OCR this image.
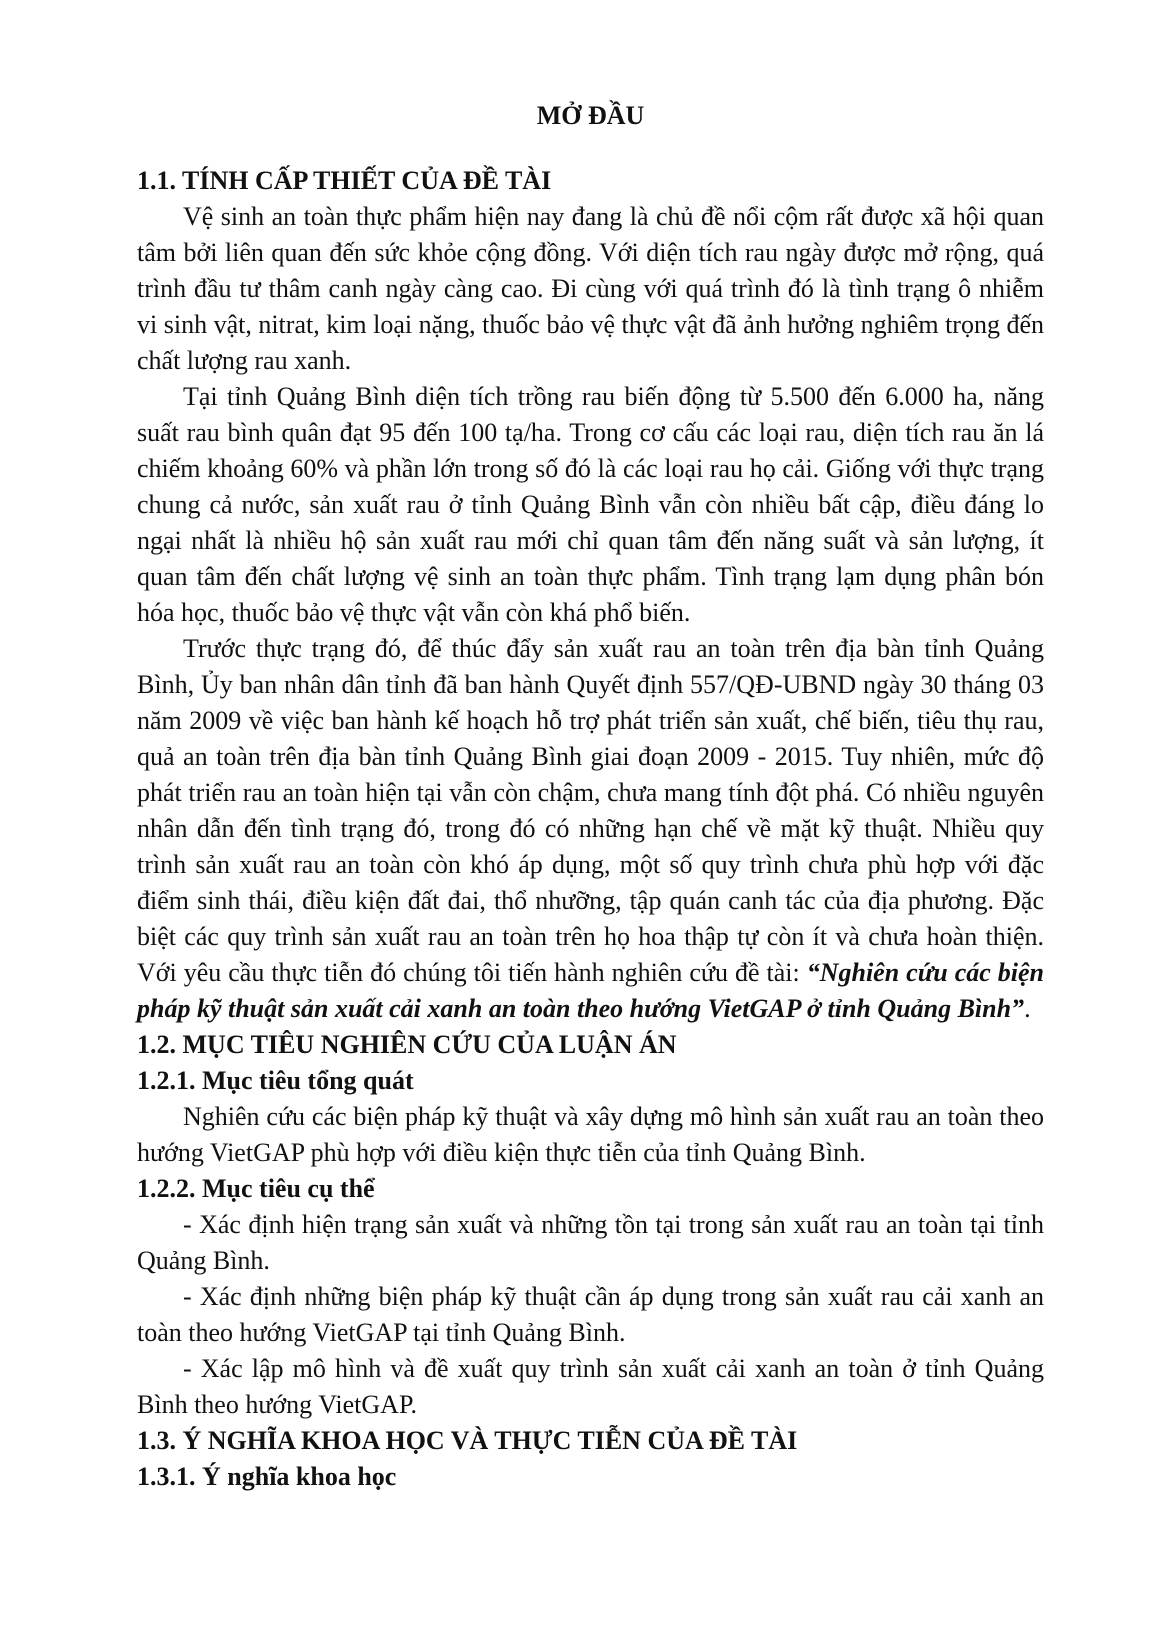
MỞ ĐẦU
1.1. TÍNH CẤP THIẾT CỦA ĐỀ TÀI

Vệ sinh an toàn thực phẩm hiện nay đang là chủ đề nổi cộm rất được xã hội quan tâm bởi liên quan đến sức khỏe cộng đồng. Với diện tích rau ngày được mở rộng, quá trình đầu tư thâm canh ngày càng cao. Đi cùng với quá trình đó là tình trạng ô nhiễm vi sinh vật, nitrat, kim loại nặng, thuốc bảo vệ thực vật đã ảnh hưởng nghiêm trọng đến chất lượng rau xanh.

Tại tỉnh Quảng Bình diện tích trồng rau biến động từ 5.500 đến 6.000 ha, năng suất rau bình quân đạt 95 đến 100 tạ/ha. Trong cơ cấu các loại rau, diện tích rau ăn lá chiếm khoảng 60% và phần lớn trong số đó là các loại rau họ cải. Giống với thực trạng chung cả nước, sản xuất rau ở tỉnh Quảng Bình vẫn còn nhiều bất cập, điều đáng lo ngại nhất là nhiều hộ sản xuất rau mới chỉ quan tâm đến năng suất và sản lượng, ít quan tâm đến chất lượng vệ sinh an toàn thực phẩm. Tình trạng lạm dụng phân bón hóa học, thuốc bảo vệ thực vật vẫn còn khá phổ biến.

Trước thực trạng đó, để thúc đẩy sản xuất rau an toàn trên địa bàn tỉnh Quảng Bình, Ủy ban nhân dân tỉnh đã ban hành Quyết định 557/QĐ-UBND ngày 30 tháng 03 năm 2009 về việc ban hành kế hoạch hỗ trợ phát triển sản xuất, chế biến, tiêu thụ rau, quả an toàn trên địa bàn tỉnh Quảng Bình giai đoạn 2009 - 2015. Tuy nhiên, mức độ phát triển rau an toàn hiện tại vẫn còn chậm, chưa mang tính đột phá. Có nhiều nguyên nhân dẫn đến tình trạng đó, trong đó có những hạn chế về mặt kỹ thuật. Nhiều quy trình sản xuất rau an toàn còn khó áp dụng, một số quy trình chưa phù hợp với đặc điểm sinh thái, điều kiện đất đai, thổ nhưỡng, tập quán canh tác của địa phương. Đặc biệt các quy trình sản xuất rau an toàn trên họ hoa thập tự còn ít và chưa hoàn thiện. Với yêu cầu thực tiễn đó chúng tôi tiến hành nghiên cứu đề tài: “Nghiên cứu các biện pháp kỹ thuật sản xuất cải xanh an toàn theo hướng VietGAP ở tỉnh Quảng Bình”.

1.2. MỤC TIÊU NGHIÊN CỨU CỦA LUẬN ÁN
1.2.1. Mục tiêu tổng quát

Nghiên cứu các biện pháp kỹ thuật và xây dựng mô hình sản xuất rau an toàn theo hướng VietGAP phù hợp với điều kiện thực tiễn của tỉnh Quảng Bình.

1.2.2. Mục tiêu cụ thể

- Xác định hiện trạng sản xuất và những tồn tại trong sản xuất rau an toàn tại tỉnh Quảng Bình.

- Xác định những biện pháp kỹ thuật cần áp dụng trong sản xuất rau cải xanh an toàn theo hướng VietGAP tại tỉnh Quảng Bình.

- Xác lập mô hình và đề xuất quy trình sản xuất cải xanh an toàn ở tỉnh Quảng Bình theo hướng VietGAP.

1.3. Ý NGHĨA KHOA HỌC VÀ THỰC TIỄN CỦA ĐỀ TÀI
1.3.1. Ý nghĩa khoa học
